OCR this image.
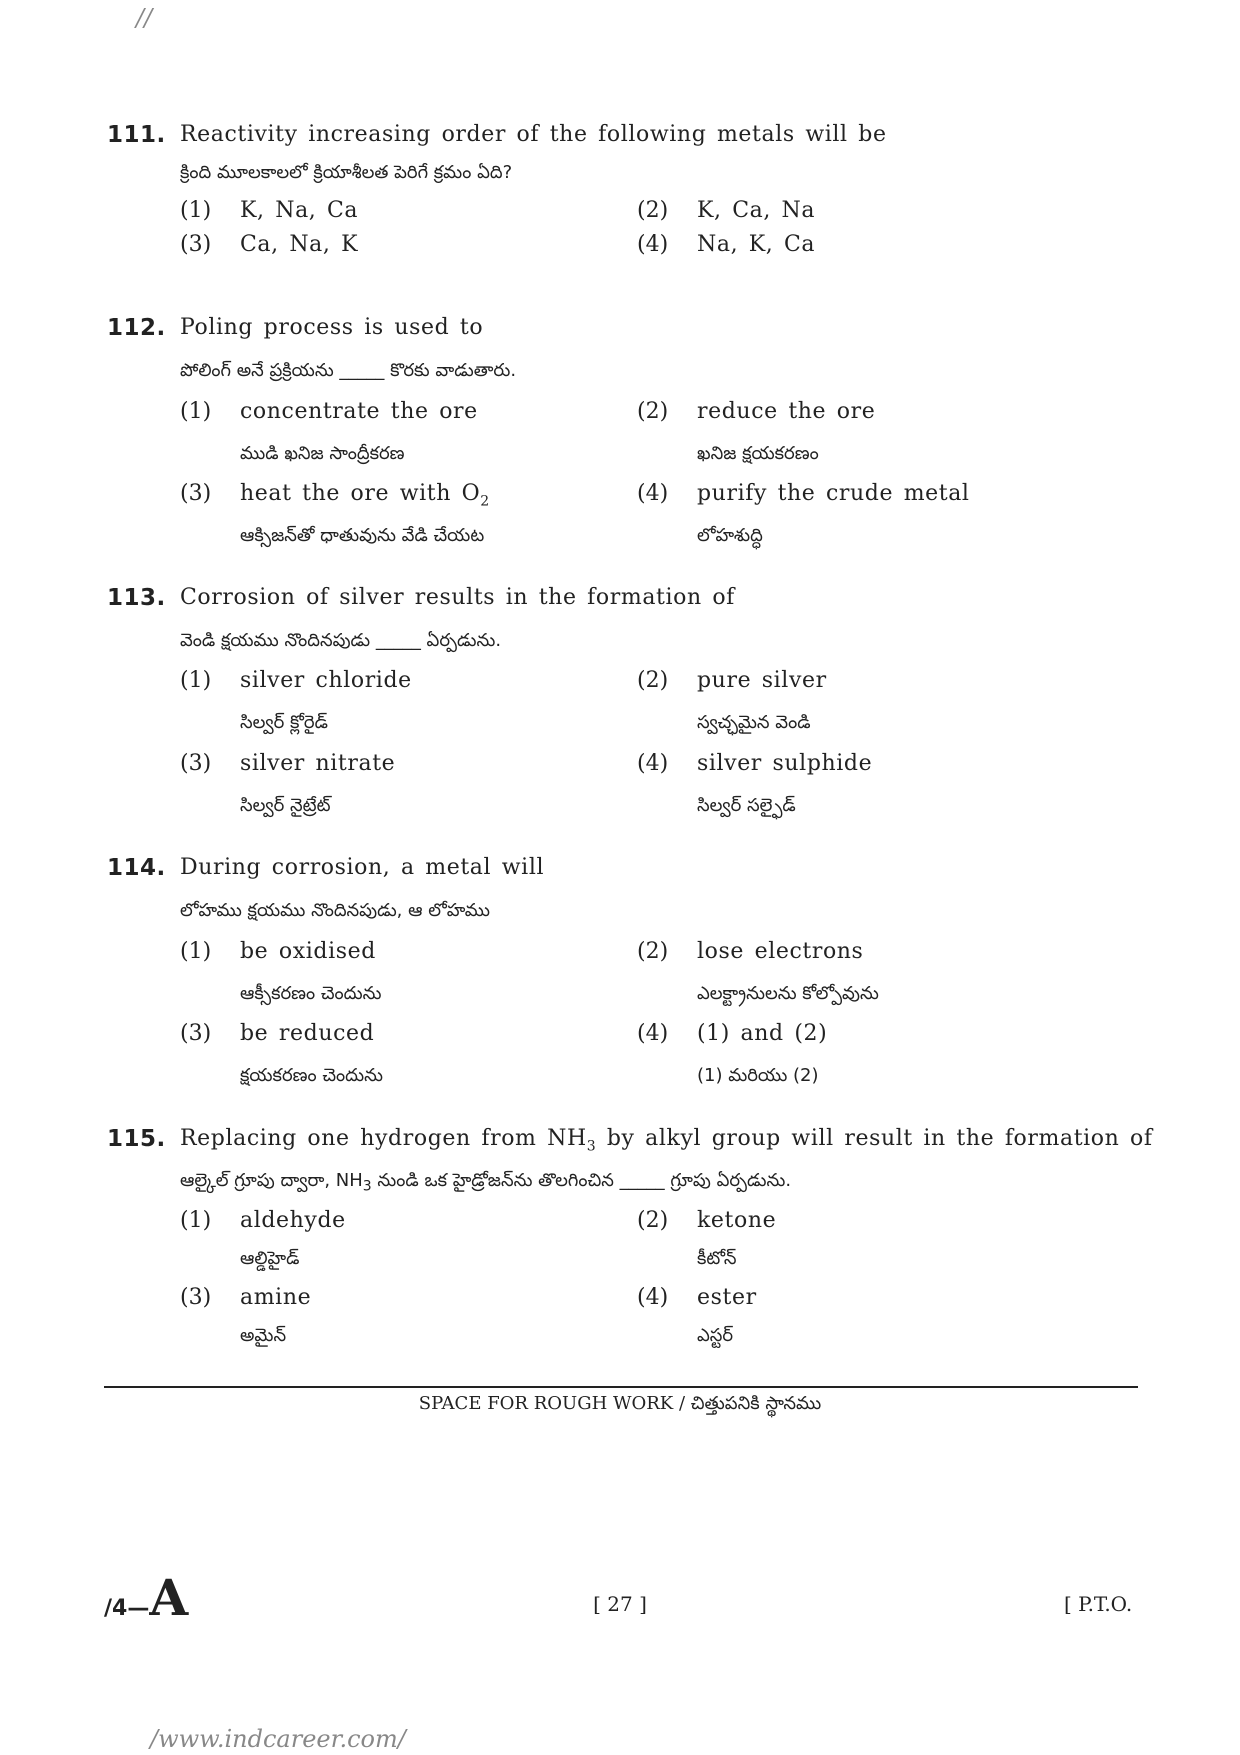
//
111. Reactivity increasing order of the following metals will be
క్రింది మూలకాలలో క్రియాశీలత పెరిగే క్రమం ఏది?
(1) K, Na, Ca	(2) K, Ca, Na
(3) Ca, Na, K	(4) Na, K, Ca
112. Poling process is used to
పోలింగ్ అనే ప్రక్రియను _____ కొరకు వాడుతారు.
(1) concentrate the ore
ముడి ఖనిజ సాంద్రీకరణ
(2) reduce the ore
ఖనిజ క్షయకరణం
(3) heat the ore with $O_2$
ఆక్సిజన్‌తో ధాతువును వేడి చేయట
(4) purify the crude metal
లోహశుద్ధి
113. Corrosion of silver results in the formation of
వెండి క్షయము నొందినపుడు _____ ఏర్పడును.
(1) silver chloride
సిల్వర్ క్లోరైడ్
(2) pure silver
స్వచ్ఛమైన వెండి
(3) silver nitrate
సిల్వర్ నైట్రేట్
(4) silver sulphide
సిల్వర్ సల్ఫైడ్
114. During corrosion, a metal will
లోహము క్షయము నొందినపుడు, ఆ లోహము
(1) be oxidised
ఆక్సీకరణం చెందును
(2) lose electrons
ఎలక్ట్రానులను కోల్పోవును
(3) be reduced
క్షయకరణం చెందును
(4) (1) and (2)
(1) మరియు (2)
115. Replacing one hydrogen from $NH_3$ by alkyl group will result in the formation of
ఆల్కైల్ గ్రూపు ద్వారా, $NH_3$ నుండి ఒక హైడ్రోజన్‌ను తొలగించిన _____ గ్రూపు ఏర్పడును.
(1) aldehyde
ఆల్డిహైడ్
(2) ketone
కీటోన్
(3) amine
అమైన్
(4) ester
ఎస్టర్
SPACE FOR ROUGH WORK / చిత్తుపనికి స్థానము
/4—A	[ 27 ]	[ P.T.O.
/www.indcareer.com/
